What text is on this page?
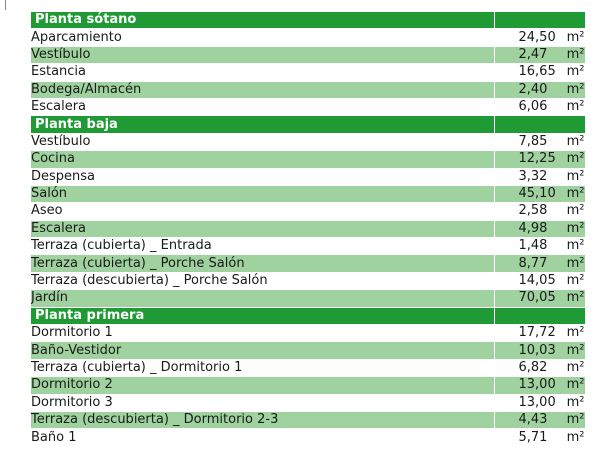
Planta sótano	
Aparcamiento	24,50 m²
Vestíbulo	2,47 m²
Estancia	16,65 m²
Bodega/Almacén	2,40 m²
Escalera	6,06 m²
Planta baja	
Vestíbulo	7,85 m²
Cocina	12,25 m²
Despensa	3,32 m²
Salón	45,10 m²
Aseo	2,58 m²
Escalera	4,98 m²
Terraza (cubierta) _ Entrada	1,48 m²
Terraza (cubierta) _ Porche Salón	8,77 m²
Terraza (descubierta) _ Porche Salón	14,05 m²
Jardín	70,05 m²
Planta primera	
Dormitorio 1	17,72 m²
Baño-Vestidor	10,03 m²
Terraza (cubierta) _ Dormitorio 1	6,82 m²
Dormitorio 2	13,00 m²
Dormitorio 3	13,00 m²
Terraza (descubierta) _ Dormitorio 2-3	4,43 m²
Baño 1	5,71 m²
